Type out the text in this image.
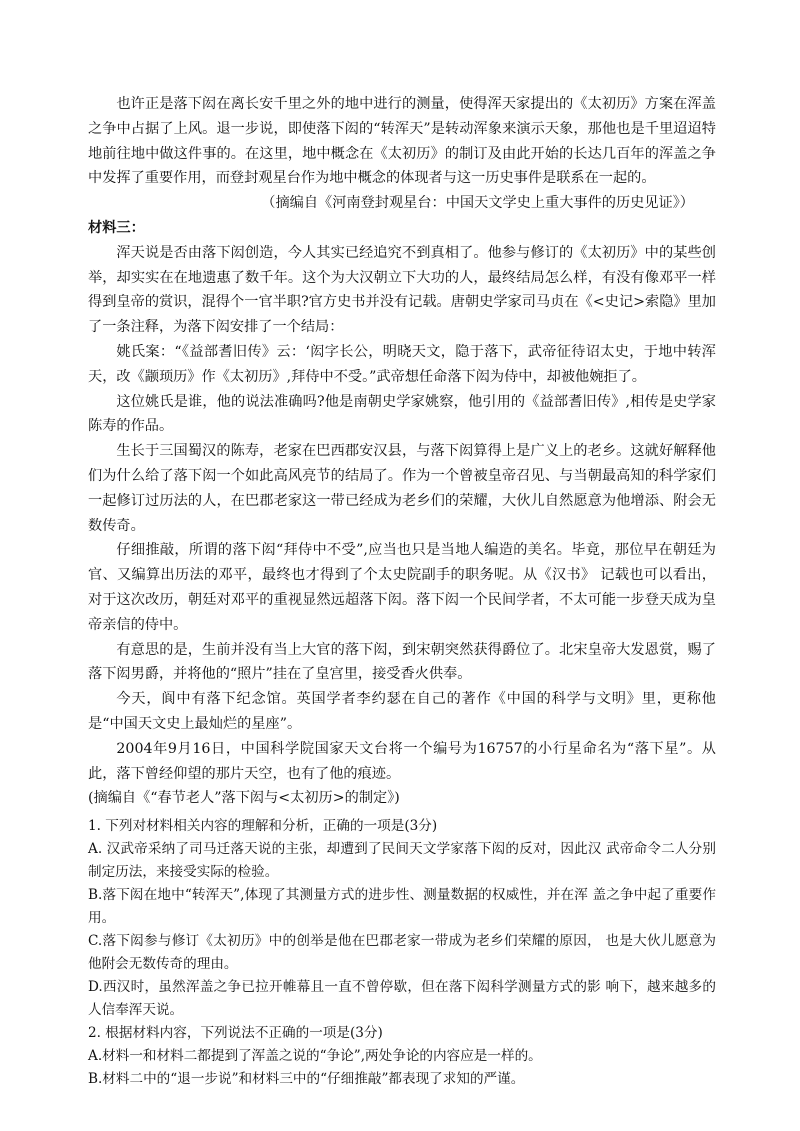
也许正是落下闳在离长安千里之外的地中进行的测量，使得浑天家提出的《太初历》方案在浑盖之争中占据了上风。退一步说，即使落下闳的“转浑天”是转动浑象来演示天象，那他也是千里迢迢特地前往地中做这件事的。在这里，地中概念在《太初历》的制订及由此开始的长达几百年的浑盖之争中发挥了重要作用，而登封观星台作为地中概念的体现者与这一历史事件是联系在一起的。

（摘编自《河南登封观星台：中国天文学史上重大事件的历史见证》）

材料三：

浑天说是否由落下闳创造，今人其实已经追究不到真相了。他参与修订的《太初历》中的某些创举，却实实在在地遗惠了数千年。这个为大汉朝立下大功的人，最终结局怎么样，有没有像邓平一样得到皇帝的赏识，混得个一官半职?官方史书并没有记载。唐朝史学家司马贞在《<史记>索隐》里加了一条注释，为落下闳安排了一个结局：

姚氏案：“《益部耆旧传》云：‘闳字长公，明晓天文，隐于落下，武帝征待诏太史，于地中转浑天，改《颛顼历》作《太初历》,拜侍中不受。”武帝想任命落下闳为侍中，却被他婉拒了。

这位姚氏是谁，他的说法准确吗?他是南朝史学家姚察，他引用的《益部耆旧传》,相传是史学家陈寿的作品。

生长于三国蜀汉的陈寿，老家在巴西郡安汉县，与落下闳算得上是广义上的老乡。这就好解释他们为什么给了落下闳一个如此高风亮节的结局了。作为一个曾被皇帝召见、与当朝最高知的科学家们一起修订过历法的人，在巴郡老家这一带已经成为老乡们的荣耀，大伙儿自然愿意为他增添、附会无数传奇。

仔细推敲，所谓的落下闳“拜侍中不受”,应当也只是当地人编造的美名。毕竟，那位早在朝廷为官、又编算出历法的邓平，最终也才得到了个太史院副手的职务呢。从《汉书》 记载也可以看出，对于这次改历，朝廷对邓平的重视显然远超落下闳。落下闳一个民间学者，不太可能一步登天成为皇帝亲信的侍中。

有意思的是，生前并没有当上大官的落下闳，到宋朝突然获得爵位了。北宋皇帝大发恩赏，赐了落下闳男爵，并将他的“照片”挂在了皇宫里，接受香火供奉。

今天，阆中有落下纪念馆。英国学者李约瑟在自己的著作《中国的科学与文明》里，更称他是“中国天文史上最灿烂的星座”。

2004年9月16日，中国科学院国家天文台将一个编号为16757的小行星命名为“落下星”。从此，落下曾经仰望的那片天空，也有了他的痕迹。

(摘编自《“春节老人”落下闳与<太初历>的制定》)

1. 下列对材料相关内容的理解和分析，正确的一项是(3分)

A. 汉武帝采纳了司马迁落天说的主张，却遭到了民间天文学家落下闳的反对，因此汉 武帝命令二人分别制定历法，来接受实际的检验。

B.落下闳在地中“转浑天”,体现了其测量方式的进步性、测量数据的权威性，并在浑 盖之争中起了重要作用。

C.落下闳参与修订《太初历》中的创举是他在巴郡老家一带成为老乡们荣耀的原因， 也是大伙儿愿意为他附会无数传奇的理由。

D.西汉时，虽然浑盖之争已拉开帷幕且一直不曾停歇，但在落下闳科学测量方式的影 响下，越来越多的人信奉浑天说。

2. 根据材料内容，下列说法不正确的一项是(3分)

A.材料一和材料二都提到了浑盖之说的“争论”,两处争论的内容应是一样的。

B.材料二中的“退一步说”和材料三中的“仔细推敲”都表现了求知的严谨。
